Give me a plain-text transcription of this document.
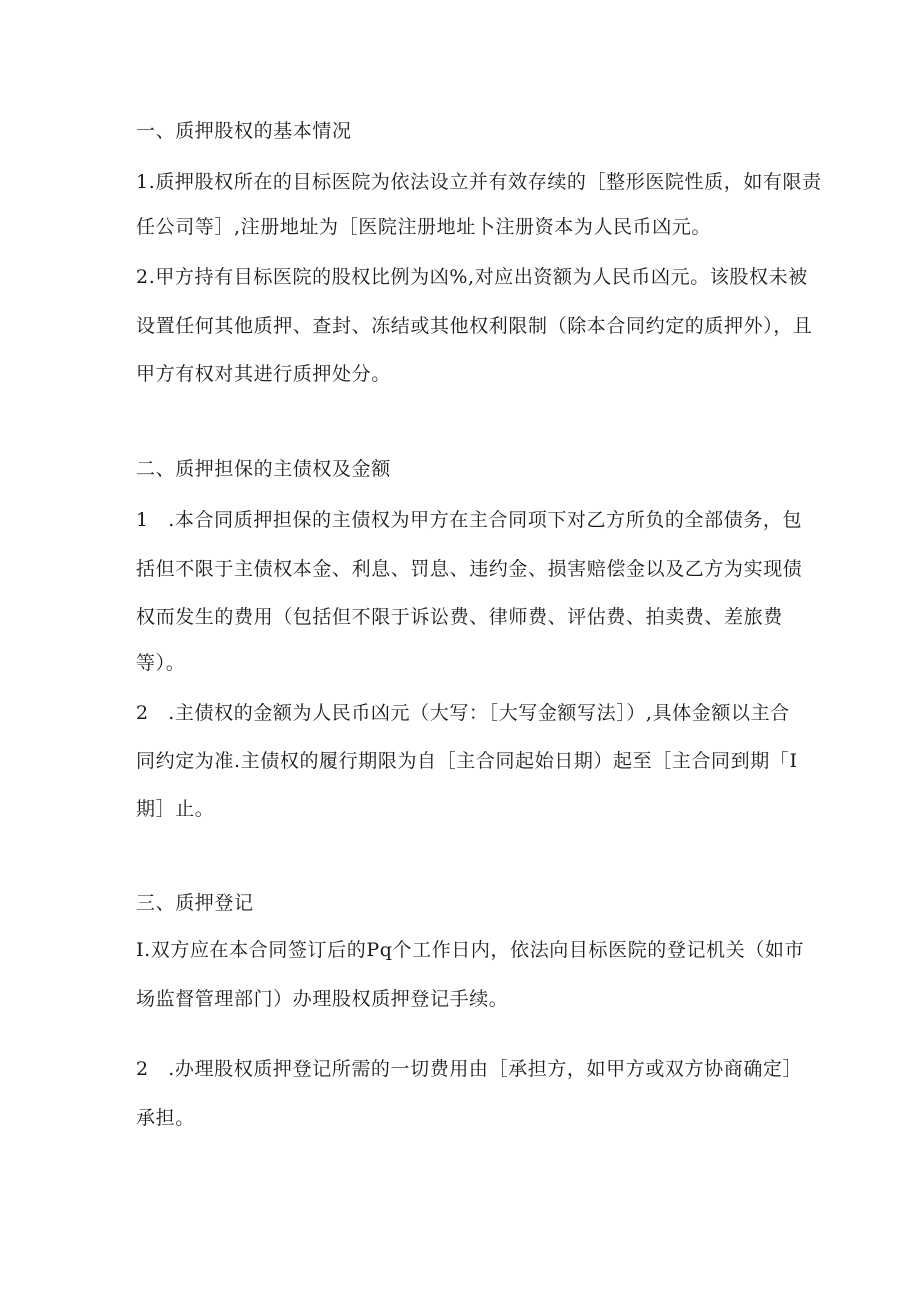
一、质押股权的基本情况
1.质押股权所在的目标医院为依法设立并有效存续的［整形医院性质，如有限责
任公司等］,注册地址为［医院注册地址卜注册资本为人民币凶元。
2.甲方持有目标医院的股权比例为凶%,对应出资额为人民币凶元。该股权未被
设置任何其他质押、查封、冻结或其他权利限制（除本合同约定的质押外），且
甲方有权对其进行质押处分。
二、质押担保的主债权及金额
1　.本合同质押担保的主债权为甲方在主合同项下对乙方所负的全部债务，包
括但不限于主债权本金、利息、罚息、违约金、损害赔偿金以及乙方为实现债
权而发生的费用（包括但不限于诉讼费、律师费、评估费、拍卖费、差旅费
等）。
2　.主债权的金额为人民币凶元（大写：［大写金额写法］）,具体金额以主合
同约定为准.主债权的履行期限为自［主合同起始日期）起至［主合同到期「I
期］止。
三、质押登记
I.双方应在本合同签订后的Pq个工作日内，依法向目标医院的登记机关（如市
场监督管理部门）办理股权质押登记手续。
2　.办理股权质押登记所需的一切费用由［承担方，如甲方或双方协商确定］
承担。
